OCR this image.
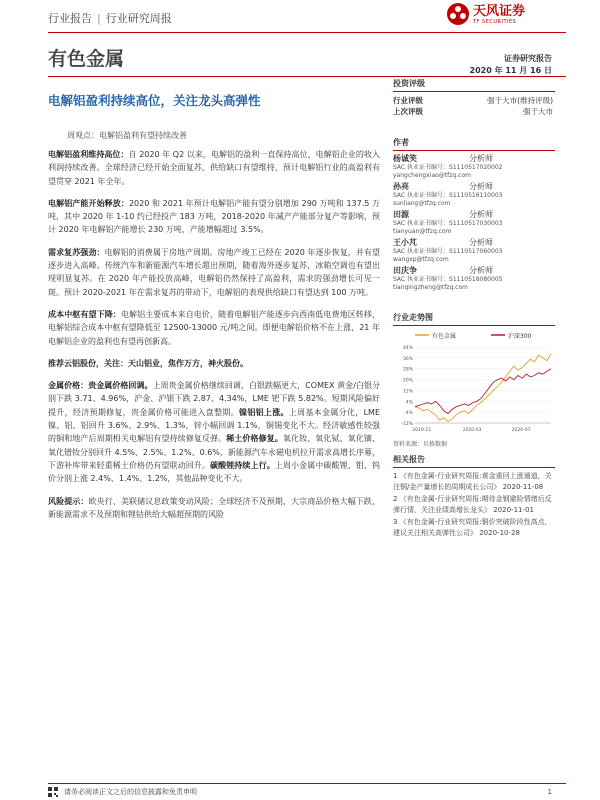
行业报告 | 行业研究周报	天风证券
TF SECURITIES
有色金属	证券研究报告
2020 年 11 月 16 日
电解铝盈利持续高位，关注龙头高弹性
周观点：电解铝盈利有望持续改善

电解铝盈利维持高位：自 2020 年 Q2 以来，电解铝的盈利一直保持高位，电解铝企业的收入利润持续改善。全球经济已经开始全面复苏，供给缺口有望维持，预计电解铝行业的高盈利有望贯穿 2021 年全年。

电解铝产能开始释放：2020 和 2021 年预计电解铝产能有望分别增加 290 万吨和 137.5 万吨，其中 2020 年 1-10 约已经投产 183 万吨，2018-2020 年减产产能部分复产等影响，预计 2020 年电解铝产能增长 230 万吨，产能增幅超过 3.5%。

需求复苏强劲：电解铝的消费属于房地产周期。房地产竣工已经在 2020 年逐步恢复，并有望逐步进入高峰。传统汽车和新能源汽车增长超出预期，随着海外逐步复苏，冰箱空调也有望出现明显复苏。在 2020 年产能投放高峰，电解铝仍然保持了高盈利，需求的强劲增长可见一斑。预计 2020-2021 年在需求复苏的带动下，电解铝的表现供给缺口有望达到 100 万吨。

成本中枢有望下降：电解铝主要成本来自电价，随着电解铝产能逐步向西南低电费地区转移，电解铝综合成本中枢有望降低至 12500-13000 元/吨之间。即便电解铝价格不在上涨，21 年电解铝企业的盈利也有望再创新高。

推荐云铝股份，关注：天山铝业，焦作万方，神火股份。

金属价格：贵金属价格回调。上周贵金属价格继续回调，白银跌幅更大，COMEX 黄金/白银分别下跌 3.71、4.96%，沪金、沪银下跌 2.87、4.34%，LME 钯下跌 5.82%。短期风险偏好提升，经济预期修复，贵金属价格可能进入盘整期。镍铝铝上涨。上周基本金属分化，LME 镍、铝、铝回升 3.6%、2.9%、1.3%，锌小幅回调 1.1%，铜锡变化不大。经济敏感性较强的铜和地产后周期相关电解铝有望持续修复反弹。稀土价格修复。氧化钕、氧化铽、氧化镝、氧化镨钕分别回升 4.5%、2.5%、1.2%、0.6%，新能源汽车永磁电机拉开需求高增长序幕，下游补库带来轻重稀土价格仍有望联动回升。碳酸锂持续上行。上周小金属中碳酸锂、钼、钨价分别上涨 2.4%、1.4%、1.2%，其他品种变化不大。

风险提示：欧央行、美联储议息政策变动风险；全球经济不及预期，大宗商品价格大幅下跌、新能源需求不及预期和锂钴供给大幅超预期的风险

投资评级
行业评级	强于大市(维持评级)
上次评级	强于大市
作者
杨诚笑	分析师
SAC 执业证书编号：S1110517020002
yangchengxiao@tfzq.com
孙亮	分析师
SAC 执业证书编号：S1110516110003
sunliang@tfzq.com
田源	分析师
SAC 执业证书编号：S1110517030003
tianyuan@tfzq.com
王小芃	分析师
SAC 执业证书编号：S1110517060003
wangxp@tfzq.com
田庆争	分析师
SAC 执业证书编号：S1110518080005
tianqingzheng@tfzq.com
行业走势图
有色金属	沪深300
-12%
-4%
4%
12%
20%
28%
36%
44%
2019-11	2020-03	2020-07
资料来源：贝格数据
相关报告
1 《有色金属-行业研究周报:黄金重回上涨通道，关注铜/金产量增长的周期成长公司》 2020-11-08
2 《有色金属-行业研究周报:期待金钢避险情绪后反弹行情，关注业绩高增长龙头》 2020-11-01
3 《有色金属-行业研究周报:铜价突破阶段性高点，建议关注相关高弹性公司》 2020-10-28
请务必阅读正文之后的信息披露和免责申明	1
